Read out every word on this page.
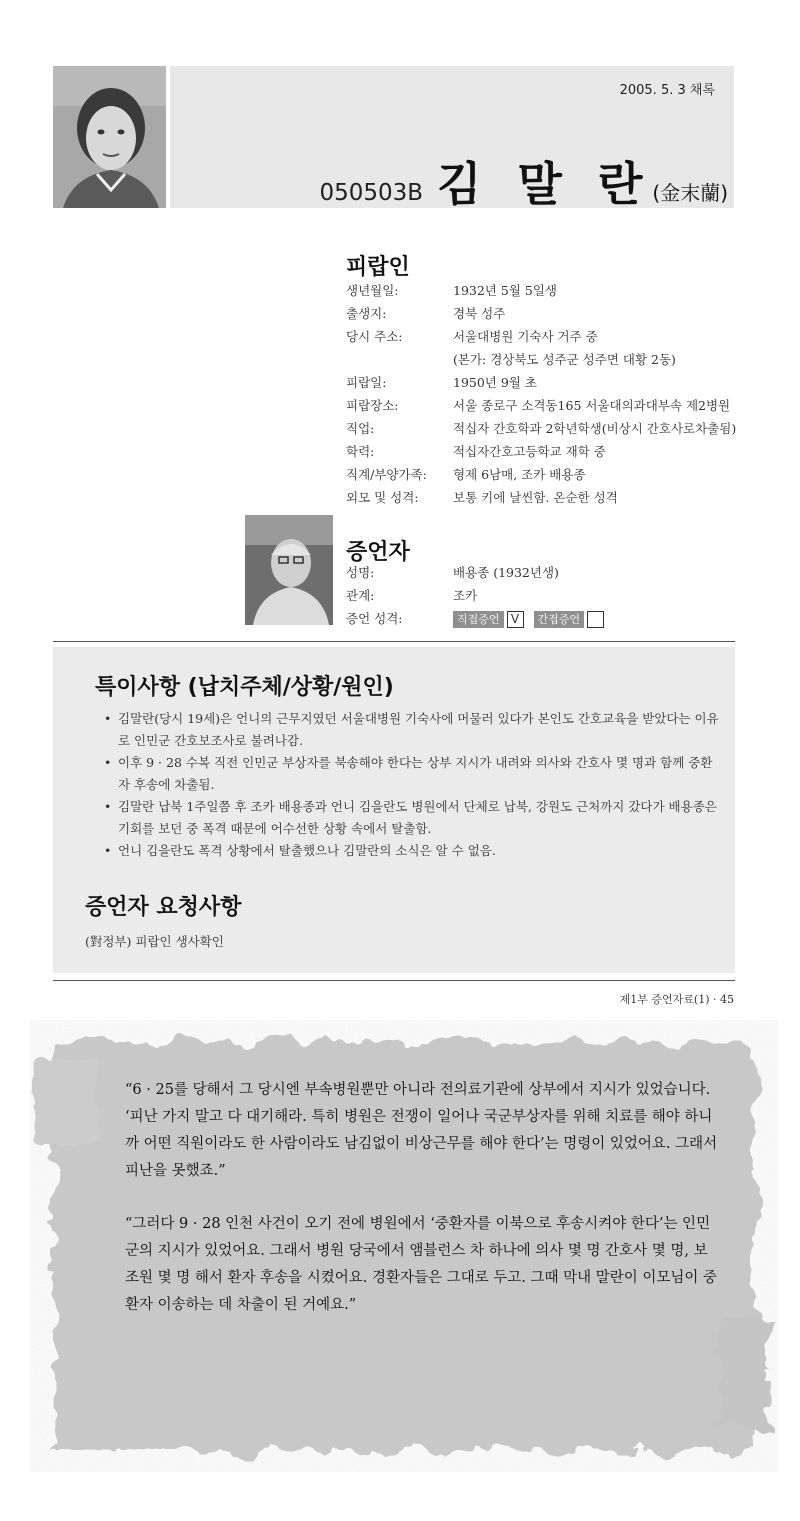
2005. 5. 3 채록
050503B 김 말 란 (金末蘭)
피랍인
생년월일:	1932년 5월 5일생
출생지:	경북 성주
당시 주소:	서울대병원 기숙사 거주 중
(본가: 경상북도 성주군 성주면 대황 2동)
피랍일:	1950년 9월 초
피랍장소:	서울 종로구 소격동165 서울대의과대부속 제2병원
직업:	적십자 간호학과 2학년학생(비상시 간호사로차출됨)
학력:	적십자간호고등학교 재학 중
직계/부양가족:	형제 6남매, 조카 배용종
외모 및 성격:	보통 키에 날씬함. 온순한 성격
증언자
성명:	배용종 (1932년생)
관계:	조카
증언 성격:	직접증언 V 간접증언
특이사항 (납치주체/상황/원인)
• 김말란(당시 19세)은 언니의 근무지였던 서울대병원 기숙사에 머물러 있다가 본인도 간호교육을 받았다는 이유로 인민군 간호보조사로 불려나감.
• 이후 9 · 28 수복 직전 인민군 부상자를 북송해야 한다는 상부 지시가 내려와 의사와 간호사 몇 명과 함께 중환자 후송에 차출됨.
• 김말란 납북 1주일쯤 후 조카 배용종과 언니 김을란도 병원에서 단체로 납북, 강원도 근처까지 갔다가 배용종은 기회를 보던 중 폭격 때문에 어수선한 상황 속에서 탈출함.
• 언니 김을란도 폭격 상황에서 탈출했으나 김말란의 소식은 알 수 없음.
증언자 요청사항
(對정부) 피랍인 생사확인
제1부 증언자료(1) · 45

“6 · 25를 당해서 그 당시엔 부속병원뿐만 아니라 전의료기관에 상부에서 지시가 있었습니다. ‘피난 가지 말고 다 대기해라. 특히 병원은 전쟁이 일어나 국군부상자를 위해 치료를 해야 하니까 어떤 직원이라도 한 사람이라도 남김없이 비상근무를 해야 한다’는 명령이 있었어요. 그래서 피난을 못했죠.”

“그러다 9 · 28 인천 사건이 오기 전에 병원에서 ‘중환자를 이북으로 후송시켜야 한다’는 인민군의 지시가 있었어요. 그래서 병원 당국에서 앰블런스 차 하나에 의사 몇 명 간호사 몇 명, 보조원 몇 명 해서 환자 후송을 시켰어요. 경환자들은 그대로 두고. 그때 막내 말란이 이모님이 중환자 이송하는 데 차출이 된 거예요.”
